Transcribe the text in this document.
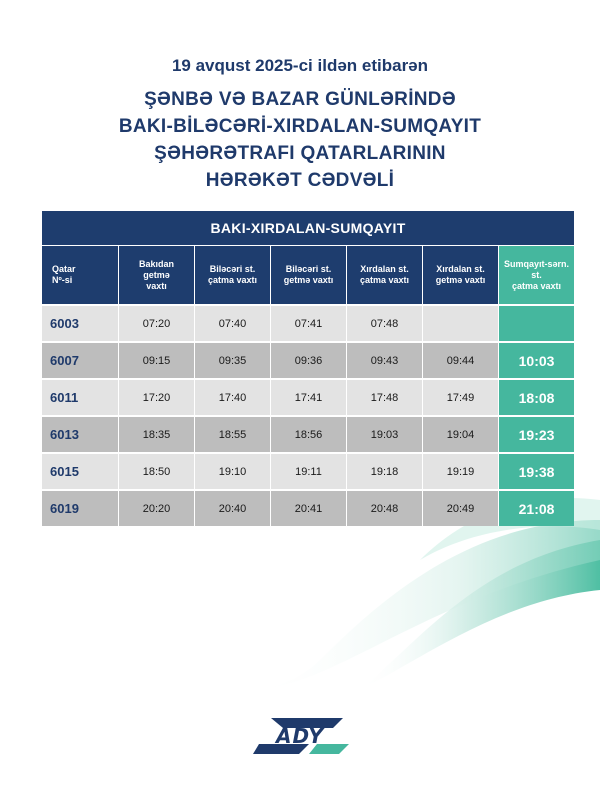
19 avqust 2025-ci ildən etibarən
ŞƏNBƏ VƏ BAZAR GÜNLƏRİNDƏ
BAKI-BİLƏCƏRİ-XIRDALAN-SUMQAYIT
ŞƏHƏRƏTRAFI QATARLARININ
HƏRƏKƏT CƏDVƏLİ
BAKI-XIRDALAN-SUMQAYIT						
Qatar
Nº-si	Bakıdan
getmə
vaxtı	Biləcəri st.
çatma vaxtı	Biləcəri st.
getmə vaxtı	Xırdalan st.
çatma vaxtı	Xırdalan st.
getmə vaxtı	Sumqayıt-sərn.
st.
çatma vaxtı
6003	07:20	07:40	07:41	07:48		
6007	09:15	09:35	09:36	09:43	09:44	10:03
6011	17:20	17:40	17:41	17:48	17:49	18:08
6013	18:35	18:55	18:56	19:03	19:04	19:23
6015	18:50	19:10	19:11	19:18	19:19	19:38
6019	20:20	20:40	20:41	20:48	20:49	21:08
ADY
